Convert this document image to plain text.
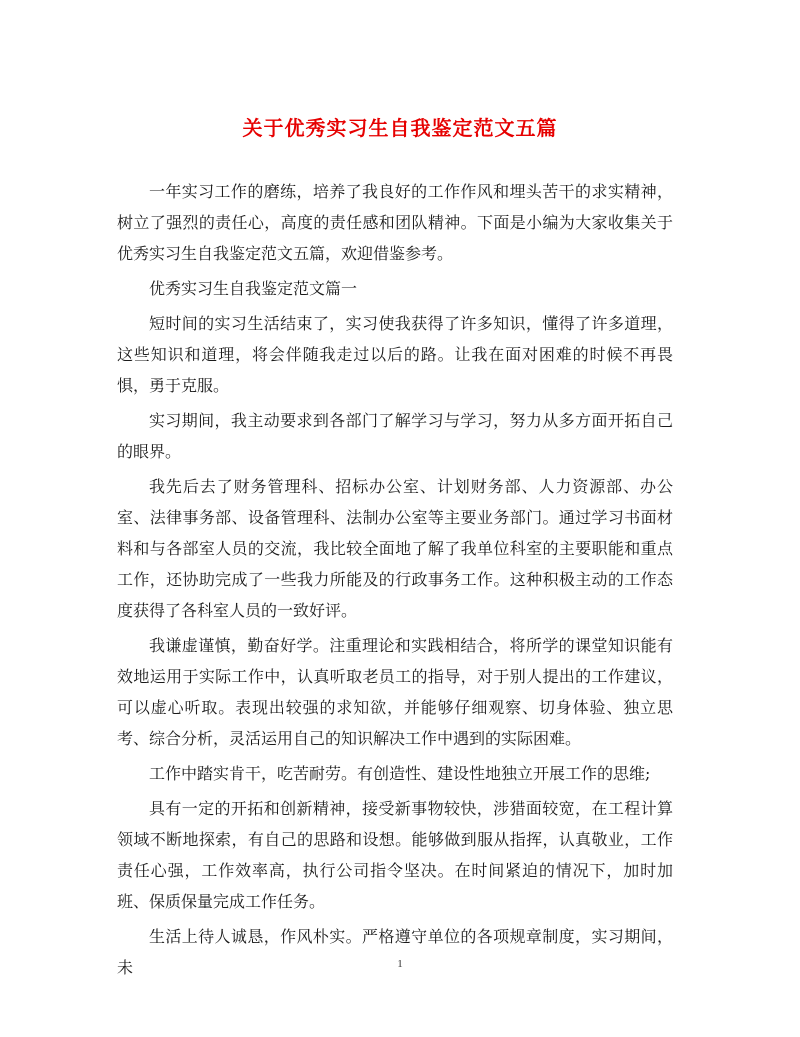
关于优秀实习生自我鉴定范文五篇

一年实习工作的磨练，培养了我良好的工作作风和埋头苦干的求实精神，树立了强烈的责任心，高度的责任感和团队精神。下面是小编为大家收集关于优秀实习生自我鉴定范文五篇，欢迎借鉴参考。

优秀实习生自我鉴定范文篇一

短时间的实习生活结束了，实习使我获得了许多知识，懂得了许多道理，这些知识和道理，将会伴随我走过以后的路。让我在面对困难的时候不再畏惧，勇于克服。

实习期间，我主动要求到各部门了解学习与学习，努力从多方面开拓自己的眼界。

我先后去了财务管理科、招标办公室、计划财务部、人力资源部、办公室、法律事务部、设备管理科、法制办公室等主要业务部门。通过学习书面材料和与各部室人员的交流，我比较全面地了解了我单位科室的主要职能和重点工作，还协助完成了一些我力所能及的行政事务工作。这种积极主动的工作态度获得了各科室人员的一致好评。

我谦虚谨慎，勤奋好学。注重理论和实践相结合，将所学的课堂知识能有效地运用于实际工作中，认真听取老员工的指导，对于别人提出的工作建议，可以虚心听取。表现出较强的求知欲，并能够仔细观察、切身体验、独立思考、综合分析，灵活运用自己的知识解决工作中遇到的实际困难。

工作中踏实肯干，吃苦耐劳。有创造性、建设性地独立开展工作的思维;

具有一定的开拓和创新精神，接受新事物较快，涉猎面较宽，在工程计算领域不断地探索，有自己的思路和设想。能够做到服从指挥，认真敬业，工作责任心强，工作效率高，执行公司指令坚决。在时间紧迫的情况下，加时加班、保质保量完成工作任务。

生活上待人诚恳，作风朴实。严格遵守单位的各项规章制度，实习期间，未	1
